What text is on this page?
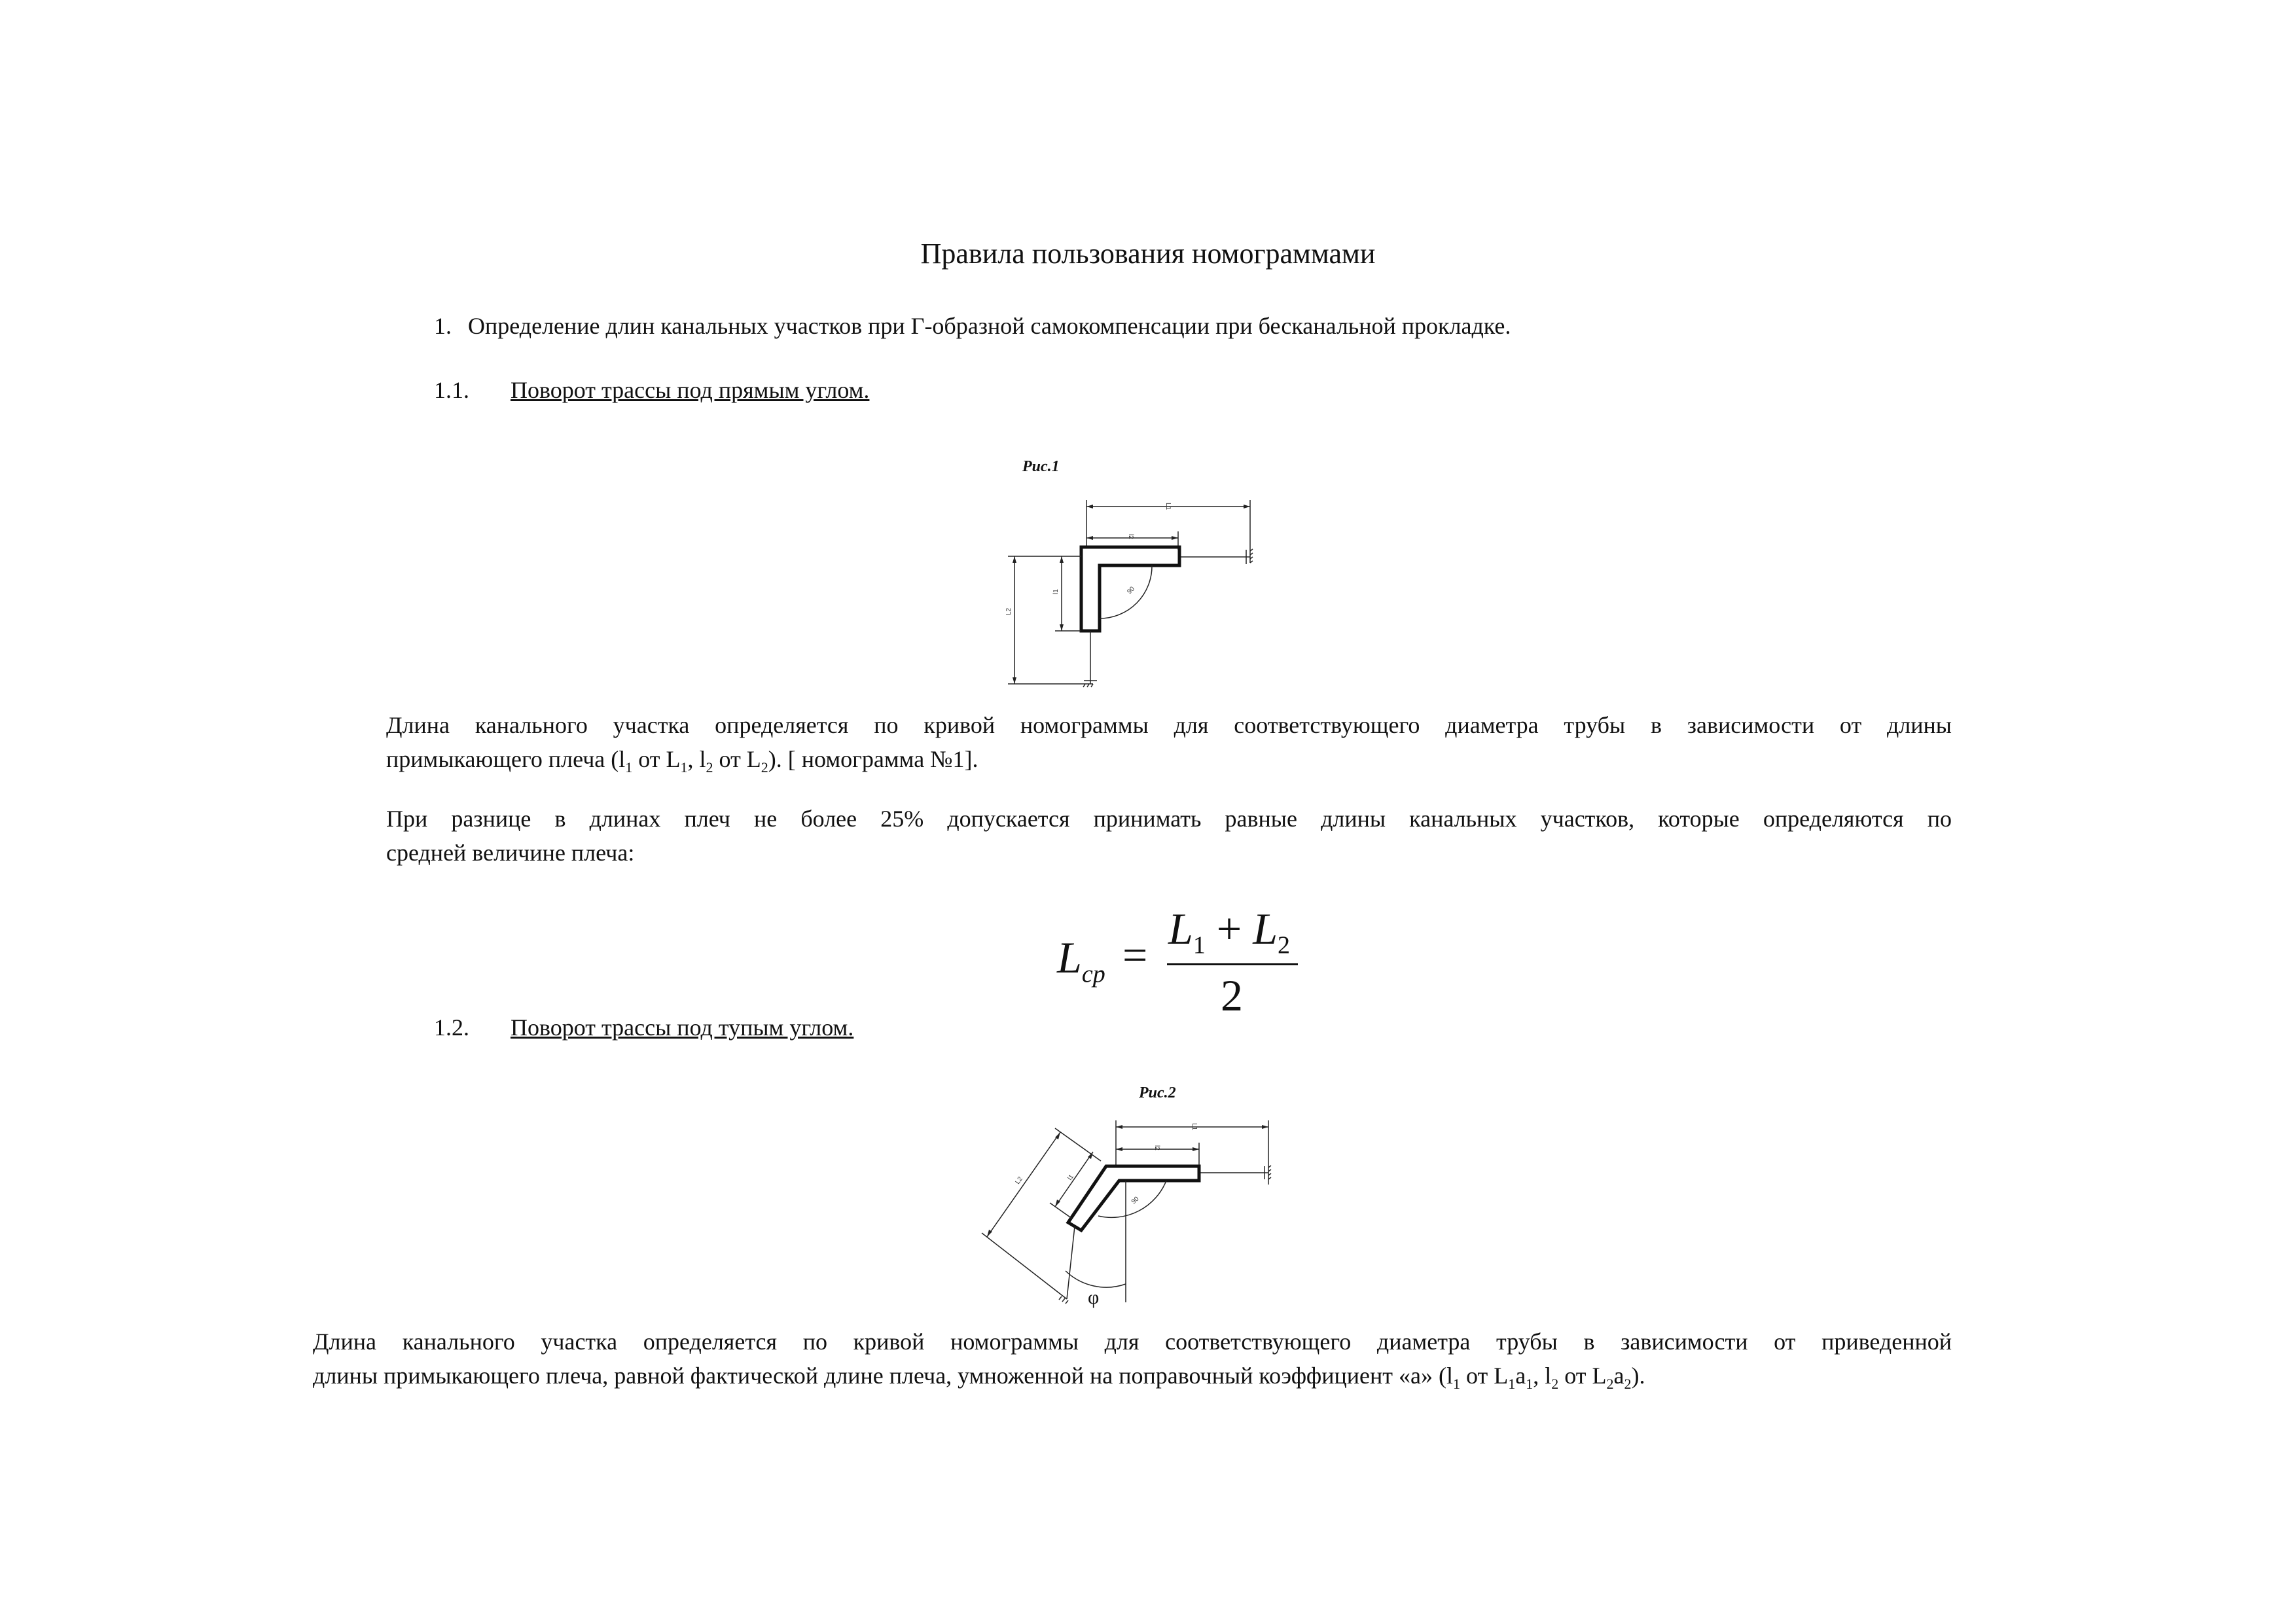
Правила пользования номограммами
1. Определение длин канальных участков при Г-образной самокомпенсации при бесканальной прокладке.
1.1. Поворот трассы под прямым углом.
Рис.1
L1
l2
L2
l1	90
Длина канального участка определяется по кривой номограммы для соответствующего диаметра трубы в зависимости от длины
примыкающего плеча ($l_1$ от $L_1$, $l_2$ от $L_2$). [ номограмма №1].
При разнице в длинах плеч не более 25% допускается принимать равные длины канальных участков, которые определяются по
средней величине плеча:
$L_{ср}$ =
$L_1 + L_2$
2
1.2. Поворот трассы под тупым углом.
Рис.2
L1
l2
L2	l1
90
φ
Длина канального участка определяется по кривой номограммы для соответствующего диаметра трубы в зависимости от приведенной
длины примыкающего плеча, равной фактической длине плеча, умноженной на поправочный коэффициент «а» ($l_1$ от $L_1a_1$, $l_2$ от $L_2a_2$).
